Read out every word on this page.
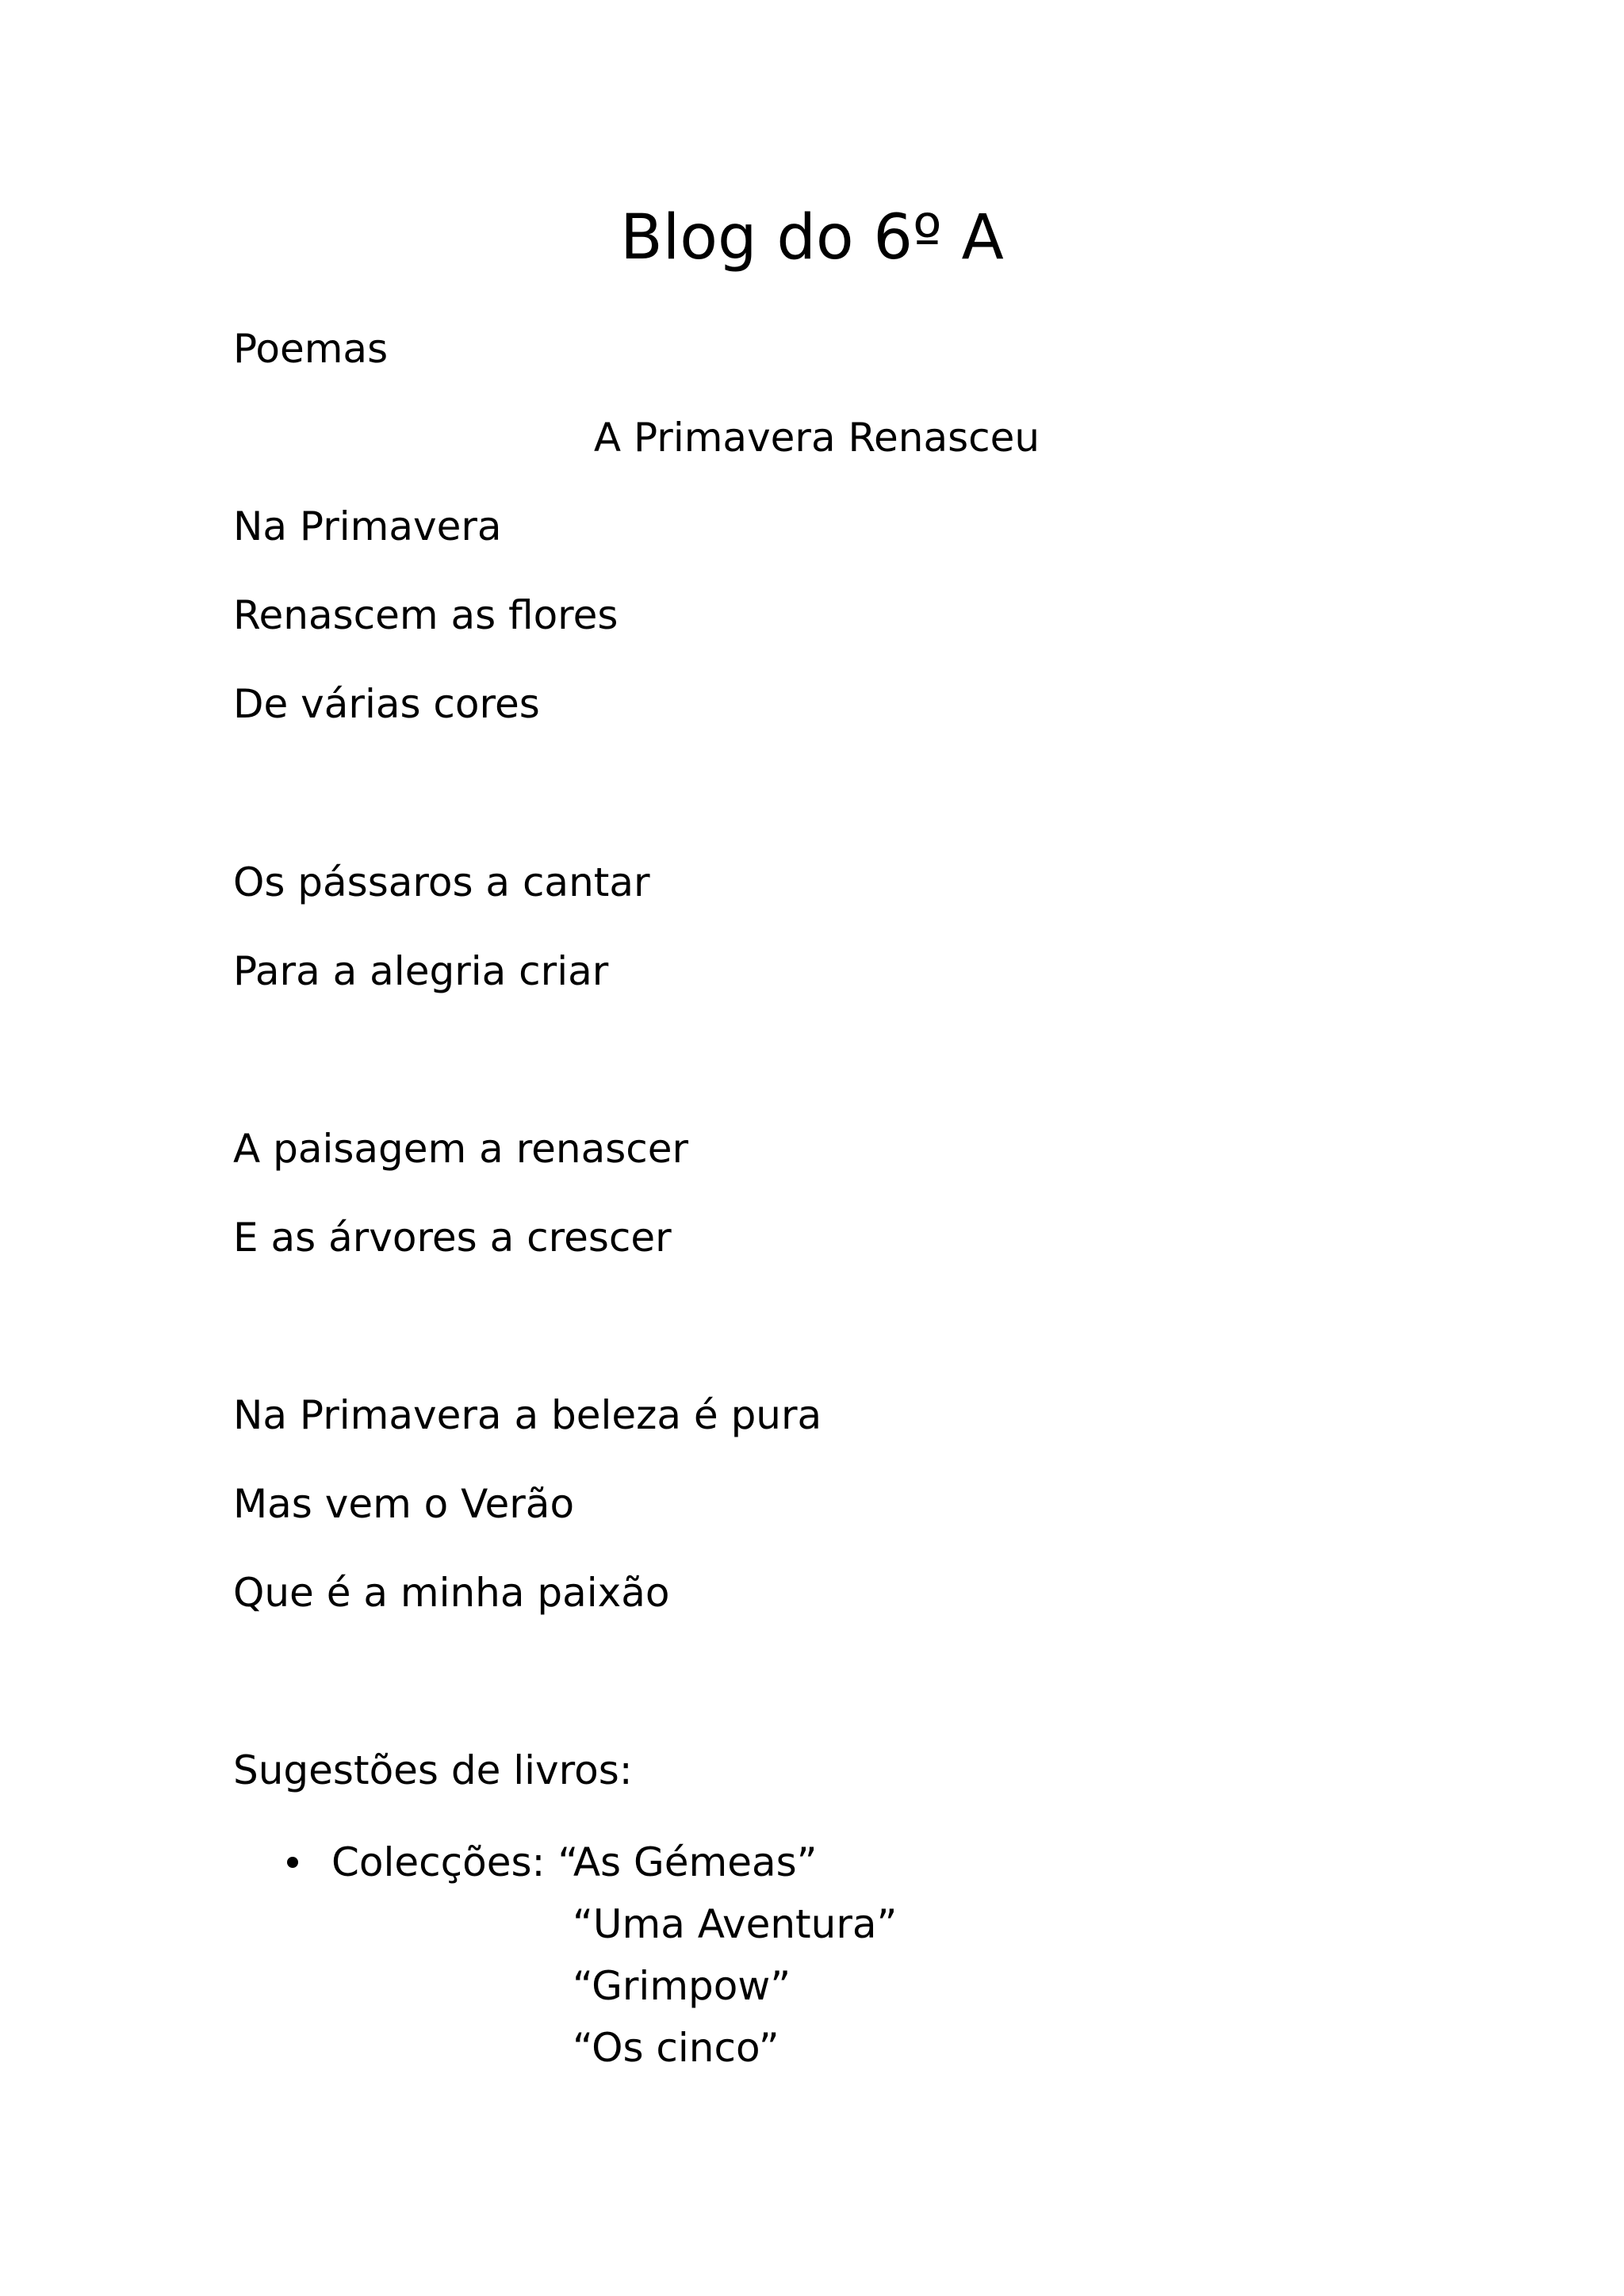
Blog do 6º A
Poemas
A Primavera Renasceu
Na Primavera
Renascem as flores
De várias cores
Os pássaros a cantar
Para a alegria criar
A paisagem a renascer
E as árvores a crescer
Na Primavera a beleza é pura
Mas vem o Verão
Que é a minha paixão
Sugestões de livros:
Colecções: “As Gémeas”
“Uma Aventura”
“Grimpow”
“Os cinco”
